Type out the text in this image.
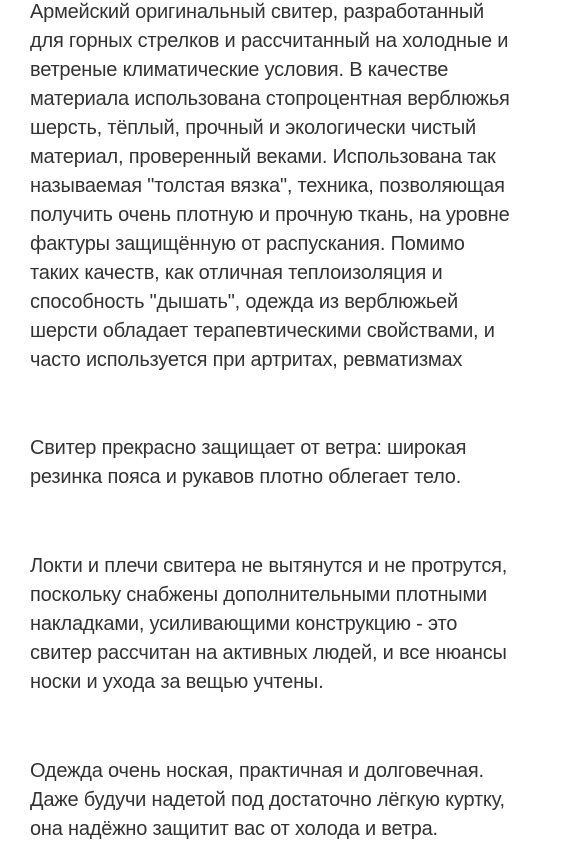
Армейский оригинальный свитер, разработанный
для горных стрелков и рассчитанный на холодные и
ветреные климатические условия. В качестве
материала использована стопроцентная верблюжья
шерсть, тёплый, прочный и экологически чистый
материал, проверенный веками. Использована так
называемая "толстая вязка", техника, позволяющая
получить очень плотную и прочную ткань, на уровне
фактуры защищённую от распускания. Помимо
таких качеств, как отличная теплоизоляция и
способность "дышать", одежда из верблюжьей
шерсти обладает терапевтическими свойствами, и
часто используется при артритах, ревматизмах

Свитер прекрасно защищает от ветра: широкая
резинка пояса и рукавов плотно облегает тело.

Локти и плечи свитера не вытянутся и не протрутся,
поскольку снабжены дополнительными плотными
накладками, усиливающими конструкцию - это
свитер рассчитан на активных людей, и все нюансы
носки и ухода за вещью учтены.

Одежда очень ноская, практичная и долговечная.
Даже будучи надетой под достаточно лёгкую куртку,
она надёжно защитит вас от холода и ветра.
